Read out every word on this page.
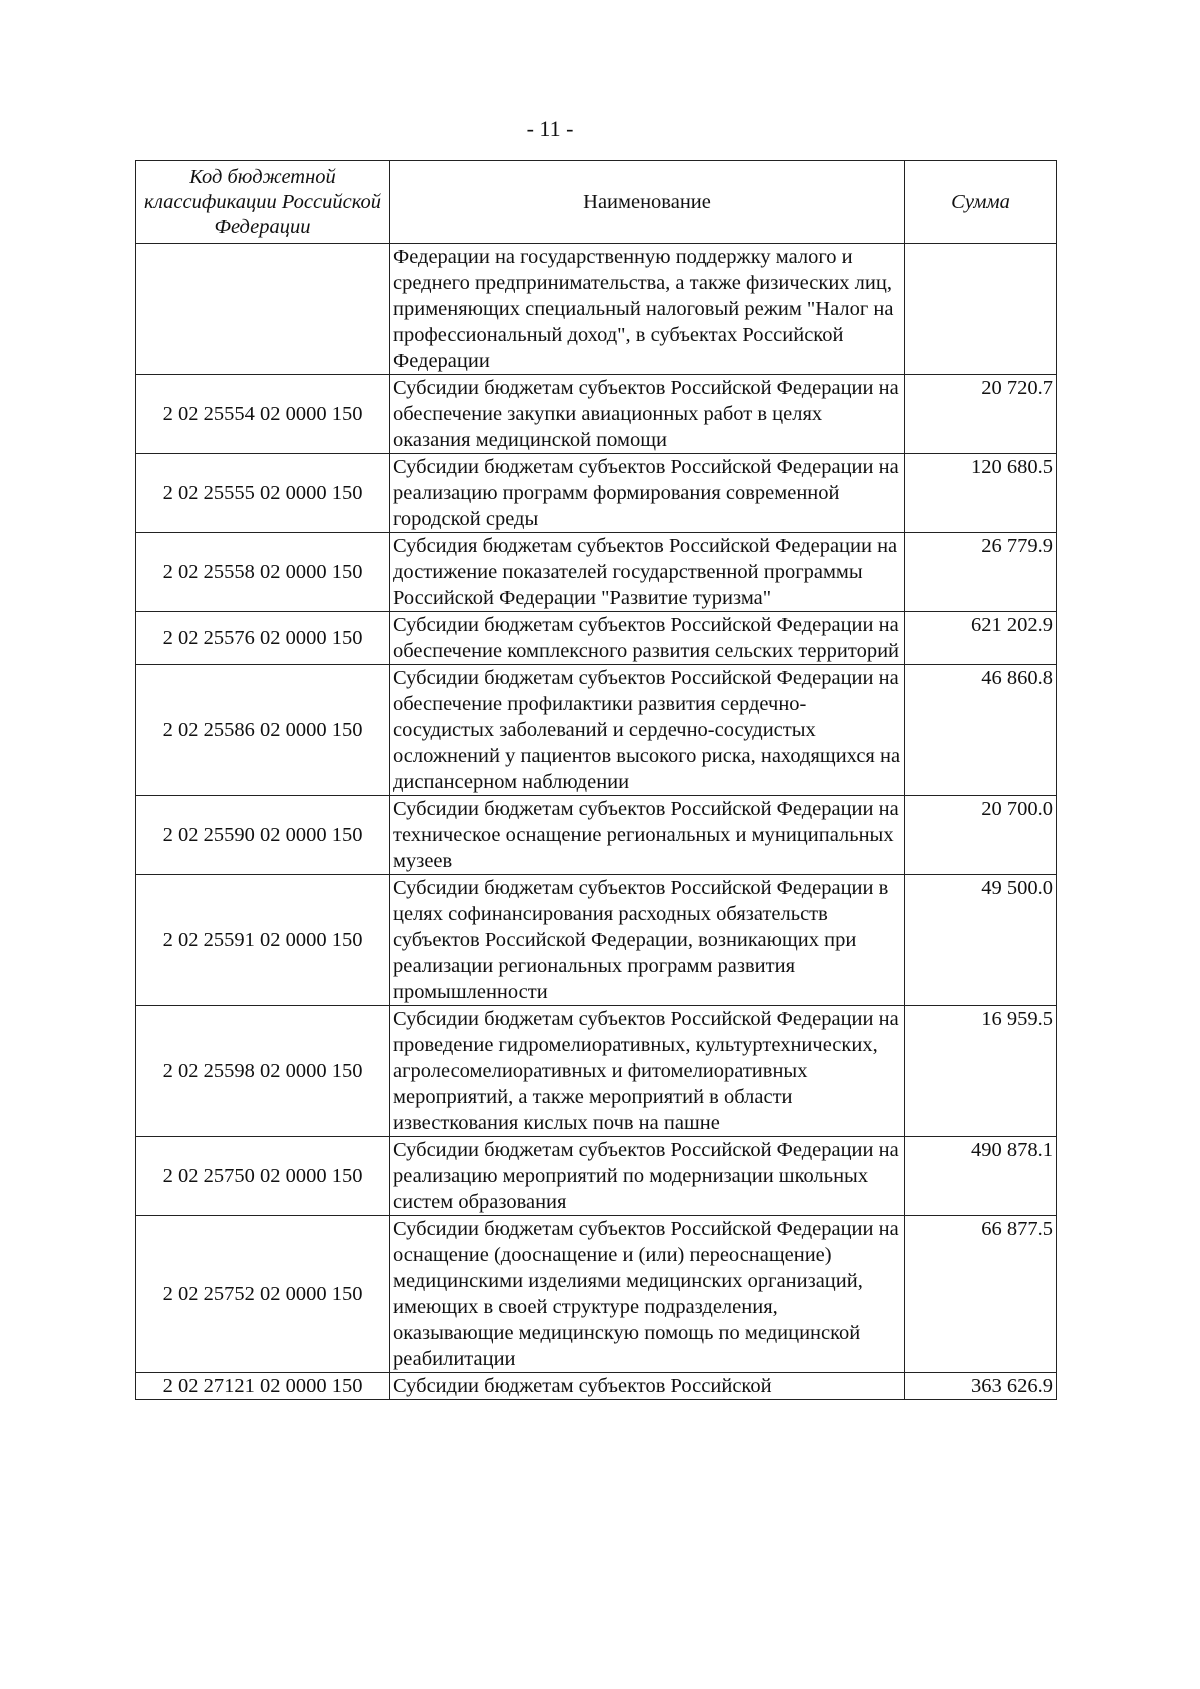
- 11 -
Код бюджетной классификации Российской Федерации	Наименование	Сумма
	Федерации на государственную поддержку малого и среднего предпринимательства, а также физических лиц, применяющих специальный налоговый режим "Налог на профессиональный доход", в субъектах Российской Федерации	
2 02 25554 02 0000 150	Субсидии бюджетам субъектов Российской Федерации на обеспечение закупки авиационных работ в целях оказания медицинской помощи	20 720.7
2 02 25555 02 0000 150	Субсидии бюджетам субъектов Российской Федерации на реализацию программ формирования современной городской среды	120 680.5
2 02 25558 02 0000 150	Субсидия бюджетам субъектов Российской Федерации на достижение показателей государственной программы Российской Федерации "Развитие туризма"	26 779.9
2 02 25576 02 0000 150	Субсидии бюджетам субъектов Российской Федерации на обеспечение комплексного развития сельских территорий	621 202.9
2 02 25586 02 0000 150	Субсидии бюджетам субъектов Российской Федерации на обеспечение профилактики развития сердечно-сосудистых заболеваний и сердечно-сосудистых осложнений у пациентов высокого риска, находящихся на диспансерном наблюдении	46 860.8
2 02 25590 02 0000 150	Субсидии бюджетам субъектов Российской Федерации на техническое оснащение региональных и муниципальных музеев	20 700.0
2 02 25591 02 0000 150	Субсидии бюджетам субъектов Российской Федерации в целях софинансирования расходных обязательств субъектов Российской Федерации, возникающих при реализации региональных программ развития промышленности	49 500.0
2 02 25598 02 0000 150	Субсидии бюджетам субъектов Российской Федерации на проведение гидромелиоративных, культуртехнических, агролесомелиоративных и фитомелиоративных мероприятий, а также мероприятий в области известкования кислых почв на пашне	16 959.5
2 02 25750 02 0000 150	Субсидии бюджетам субъектов Российской Федерации на реализацию мероприятий по модернизации школьных систем образования	490 878.1
2 02 25752 02 0000 150	Субсидии бюджетам субъектов Российской Федерации на оснащение (дооснащение и (или) переоснащение) медицинскими изделиями медицинских организаций, имеющих в своей структуре подразделения, оказывающие медицинскую помощь по медицинской реабилитации	66 877.5
2 02 27121 02 0000 150	Субсидии бюджетам субъектов Российской	363 626.9
